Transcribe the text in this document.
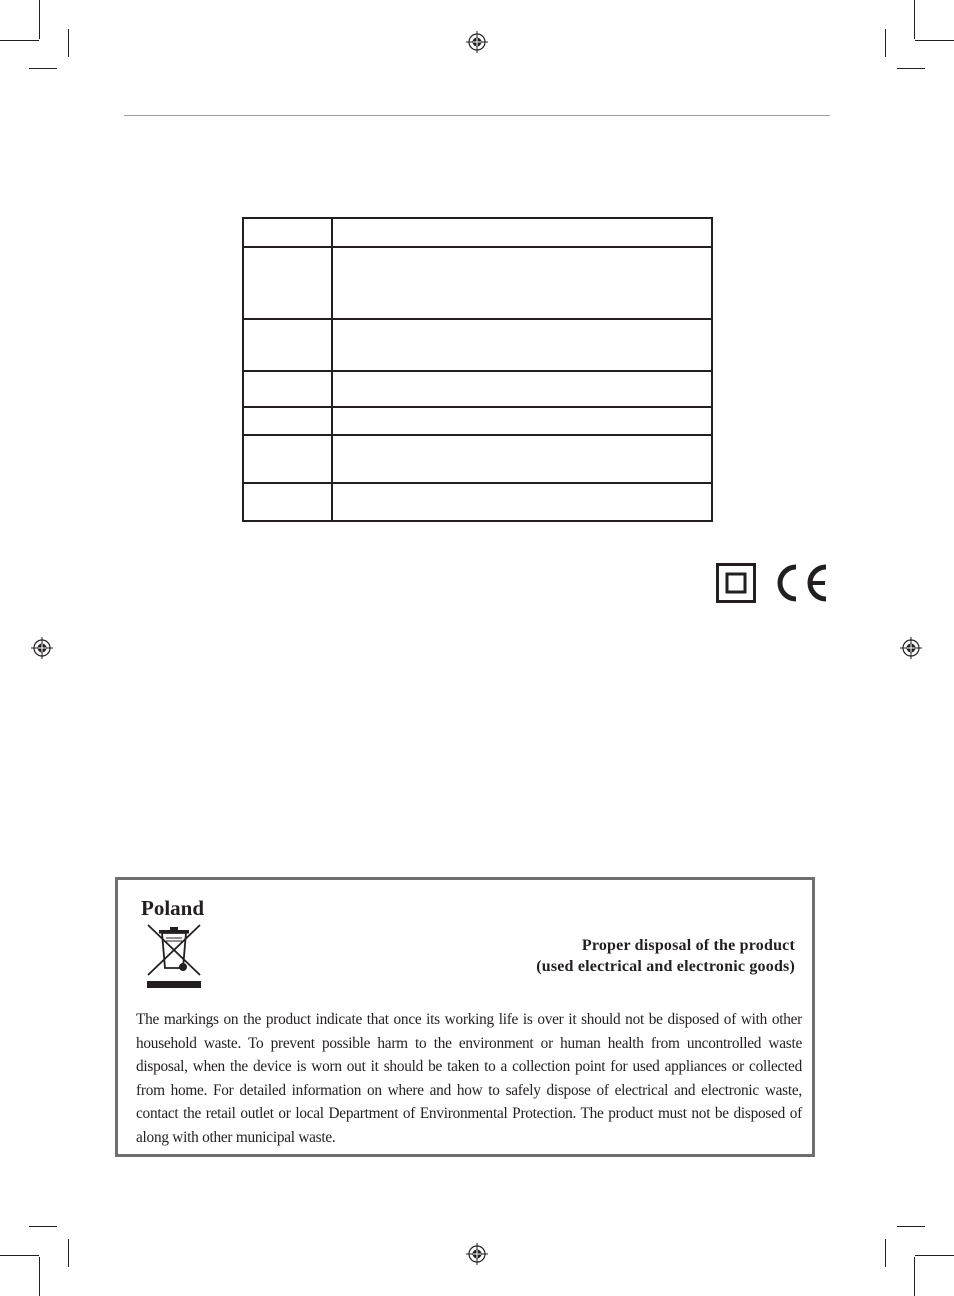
Poland
Proper disposal of the product
(used electrical and electronic goods)
The markings on the product indicate that once its working life is over it should not be disposed of with other household waste. To prevent possible harm to the environment or human health from uncontrolled waste disposal, when the device is worn out it should be taken to a collection point for used appliances or collected from home. For detailed information on where and how to safely dispose of electrical and electronic waste, contact the retail outlet or local Department of Environmental Protection. The product must not be disposed of along with other municipal waste.
